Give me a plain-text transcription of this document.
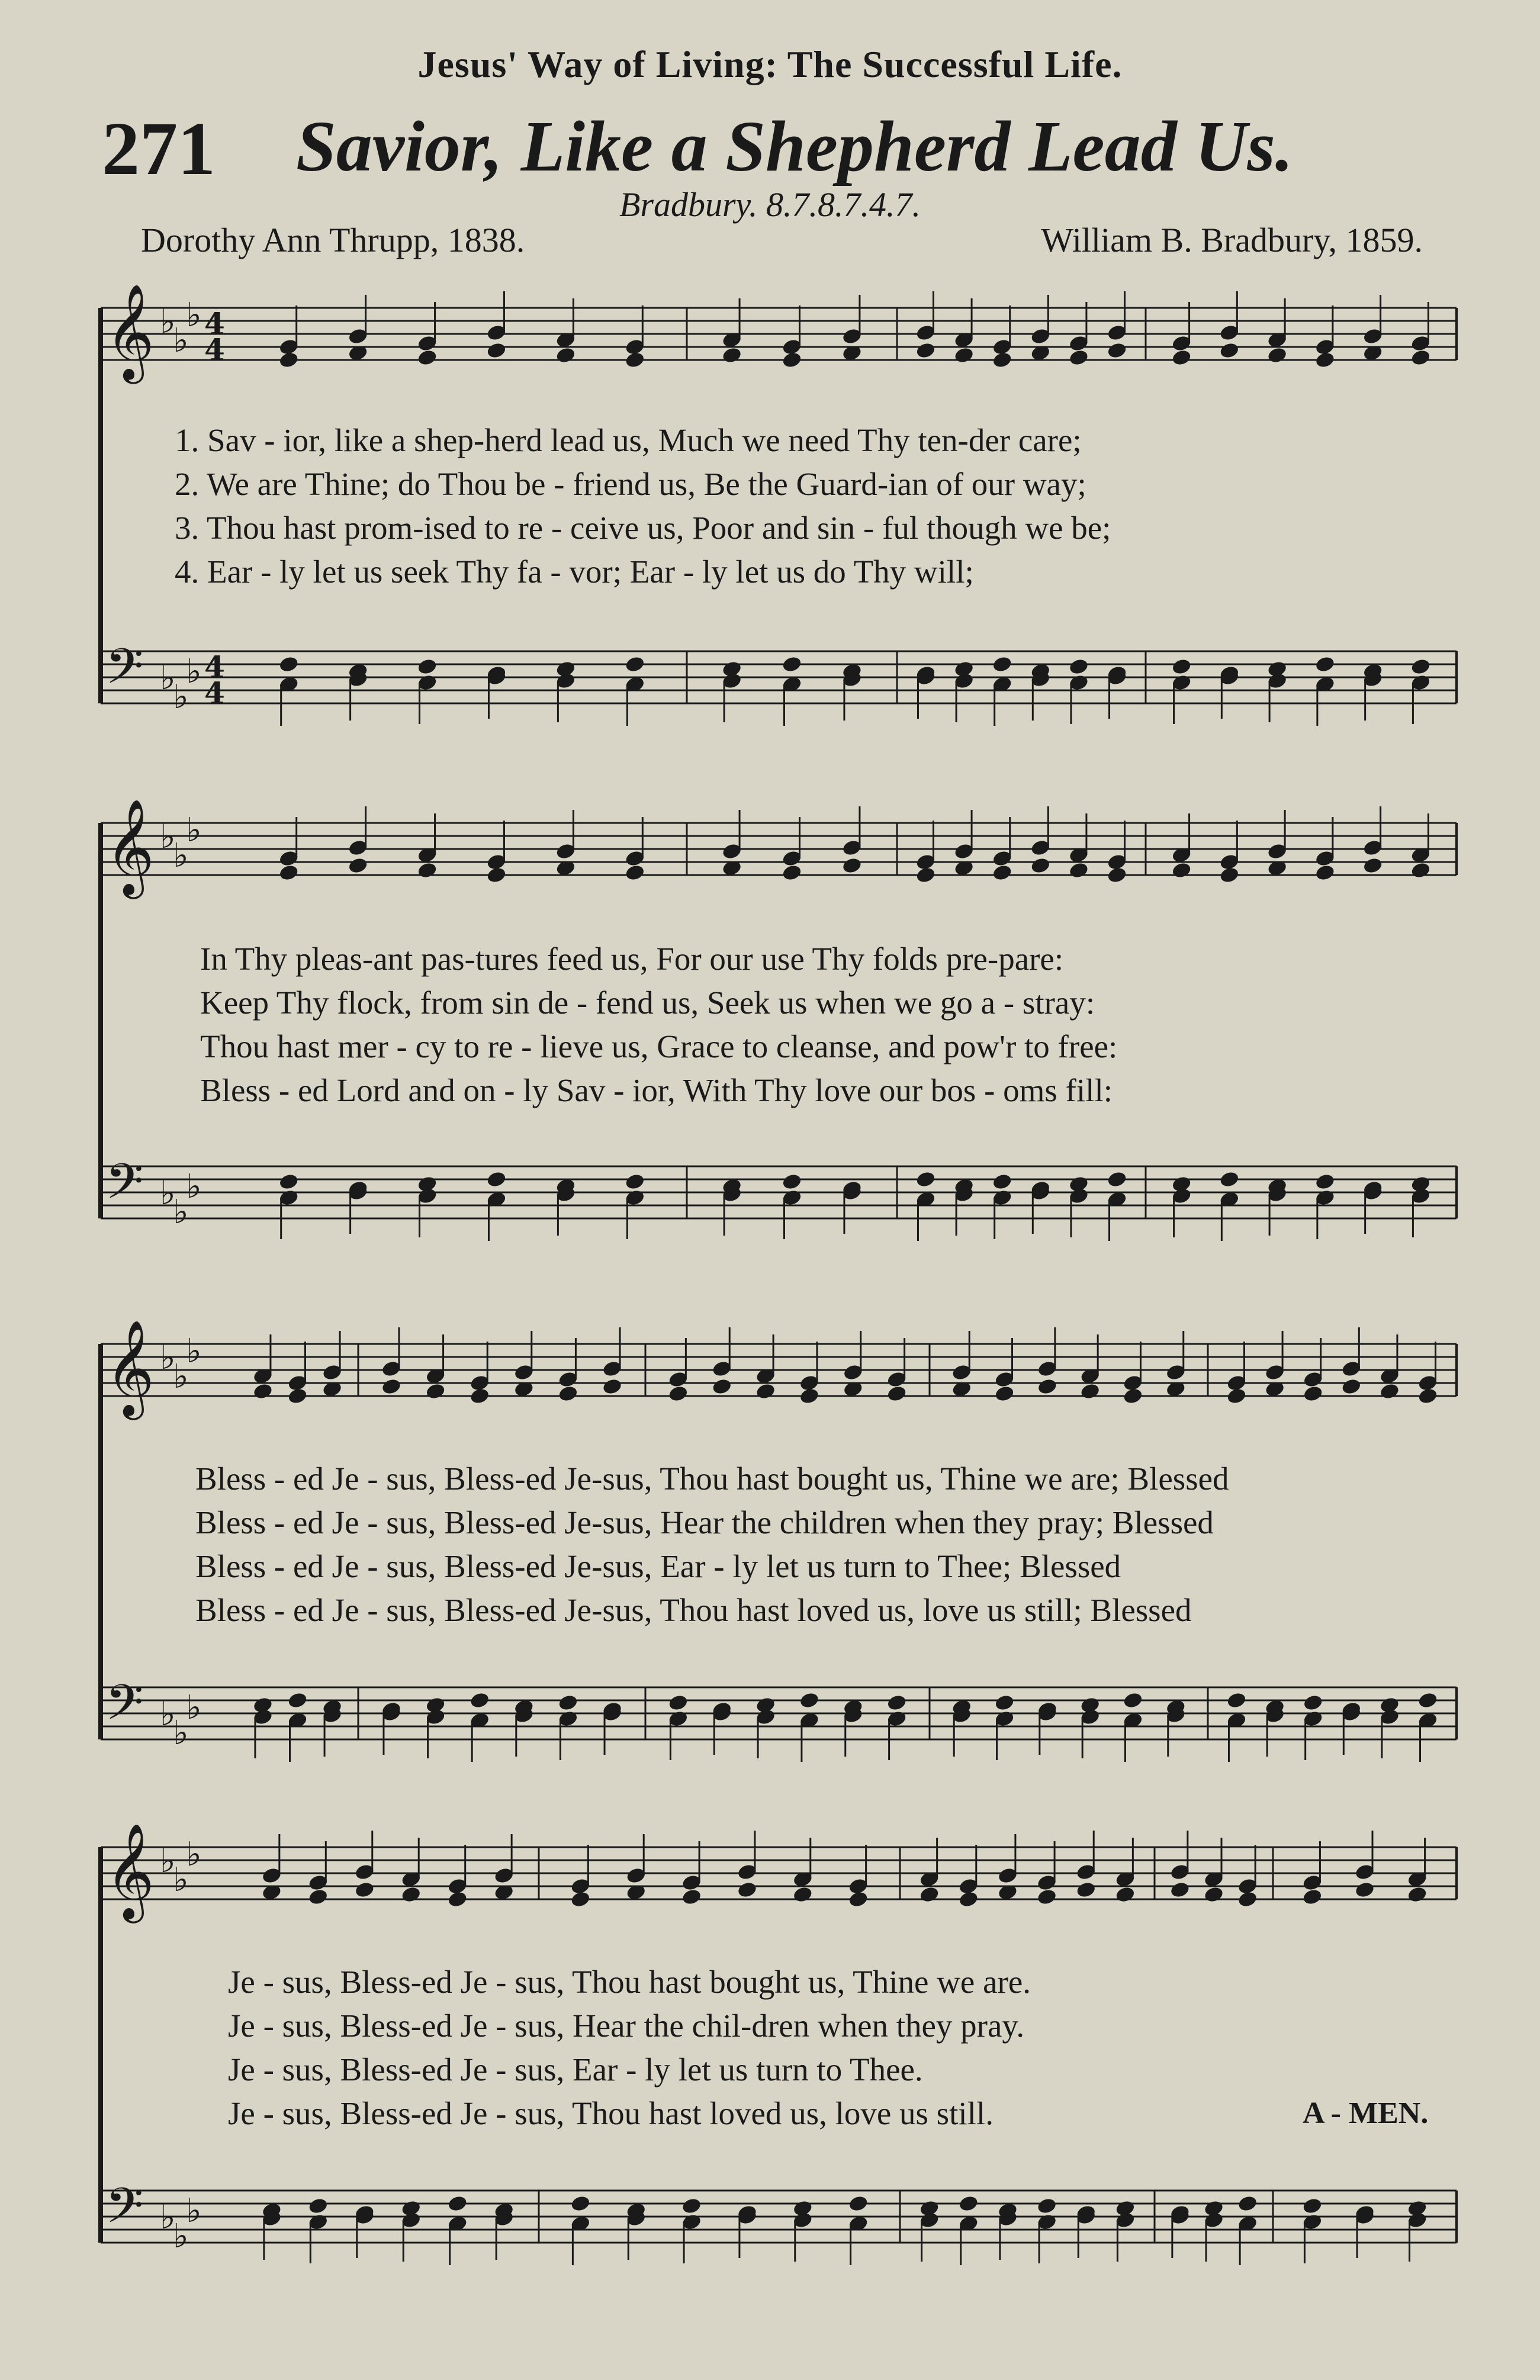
Jesus' Way of Living: The Successful Life.
271 Savior, Like a Shepherd Lead Us.
Bradbury. 8.7.8.7.4.7.
Dorothy Ann Thrupp, 1838.	William B. Bradbury, 1859.
𝄞 ♭
♭
♭ 4
4
𝄢 ♭
♭
♭ 4
4
𝄞 ♭
♭
♭
𝄢 ♭
♭
♭
𝄞 ♭
♭
♭
𝄢 ♭
♭
♭
𝄞 ♭
♭
♭
𝄢 ♭
♭
♭
1. Sav - ior, like a shep-herd lead us, Much we need Thy ten-der care;
2. We are Thine; do Thou be - friend us, Be the Guard-ian of our way;
3. Thou hast prom-ised to re - ceive us, Poor and sin - ful though we be;
4. Ear - ly let us seek Thy fa - vor; Ear - ly let us do Thy will;
In Thy pleas-ant pas-tures feed us, For our use Thy folds pre-pare:
Keep Thy flock, from sin de - fend us, Seek us when we go a - stray:
Thou hast mer - cy to re - lieve us, Grace to cleanse, and pow'r to free:
Bless - ed Lord and on - ly Sav - ior, With Thy love our bos - oms fill:
Bless - ed Je - sus, Bless-ed Je-sus, Thou hast bought us, Thine we are; Blessed
Bless - ed Je - sus, Bless-ed Je-sus, Hear the children when they pray; Blessed
Bless - ed Je - sus, Bless-ed Je-sus, Ear - ly let us turn to Thee; Blessed
Bless - ed Je - sus, Bless-ed Je-sus, Thou hast loved us, love us still; Blessed
Je - sus, Bless-ed Je - sus, Thou hast bought us, Thine we are.
Je - sus, Bless-ed Je - sus, Hear the chil-dren when they pray.
Je - sus, Bless-ed Je - sus, Ear - ly let us turn to Thee.
Je - sus, Bless-ed Je - sus, Thou hast loved us, love us still.	A - MEN.
